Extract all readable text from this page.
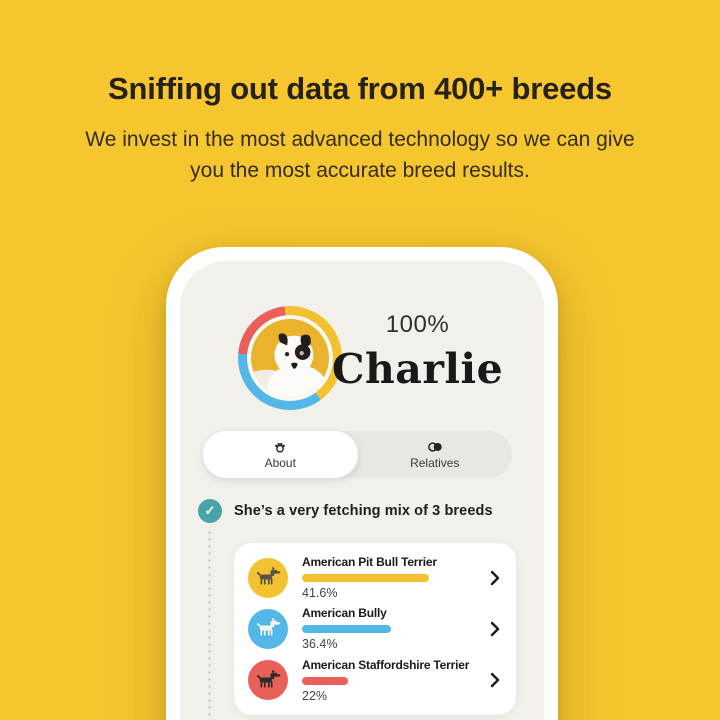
Sniffing out data from 400+ breeds
We invest in the most advanced technology so we can give you the most accurate breed results.
100%
Charlie
About	Relatives
✓	She’s a very fetching mix of 3 breeds
American Pit Bull Terrier
41.6%
American Bully
36.4%
American Staffordshire Terrier
22%
